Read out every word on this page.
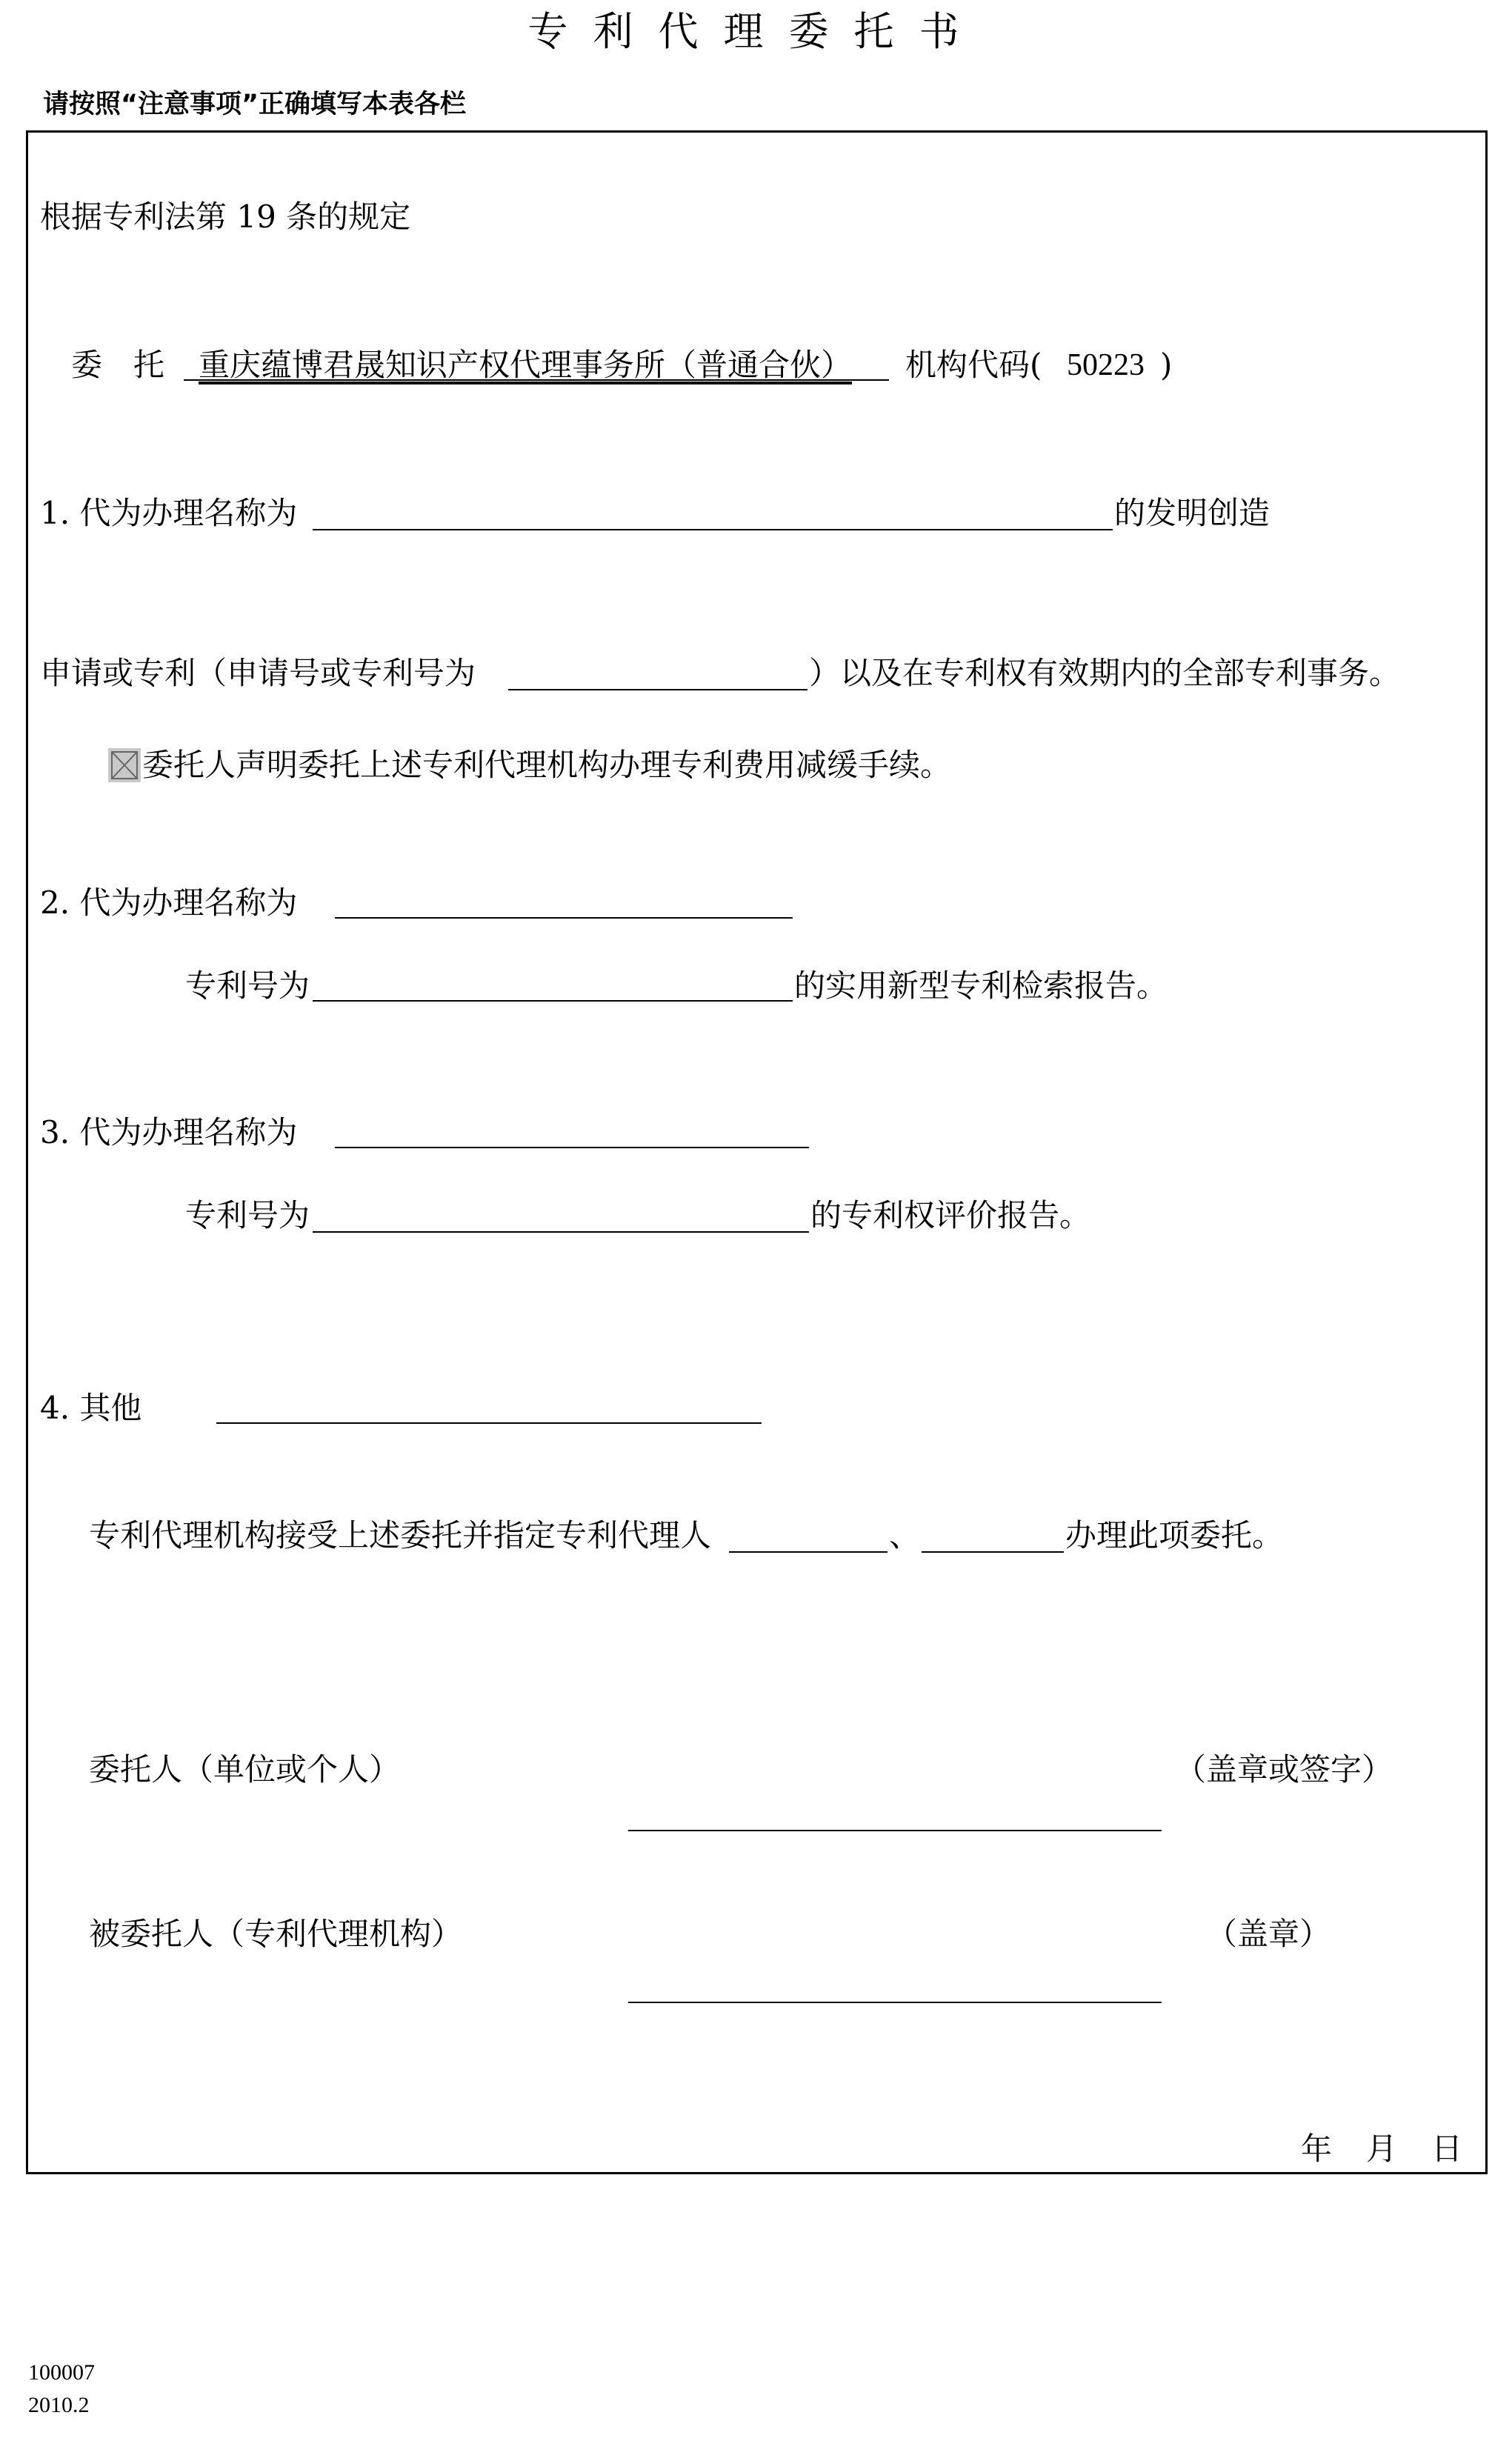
专利代理委托书
请按照“注意事项”正确填写本表各栏
根据专利法第 19 条的规定
委　托 重庆蕴博君晟知识产权代理事务所（普通合伙） 机构代码( 50223 )
1. 代为办理名称为	的发明创造
申请或专利（申请号或专利号为	）以及在专利权有效期内的全部专利事务。
委托人声明委托上述专利代理机构办理专利费用减缓手续。
2. 代为办理名称为
专利号为	的实用新型专利检索报告。
3. 代为办理名称为
专利号为	的专利权评价报告。
4. 其他
专利代理机构接受上述委托并指定专利代理人	、	办理此项委托。
委托人（单位或个人）	（盖章或签字）
被委托人（专利代理机构）	（盖章）
年 月 日
100007
2010.2
